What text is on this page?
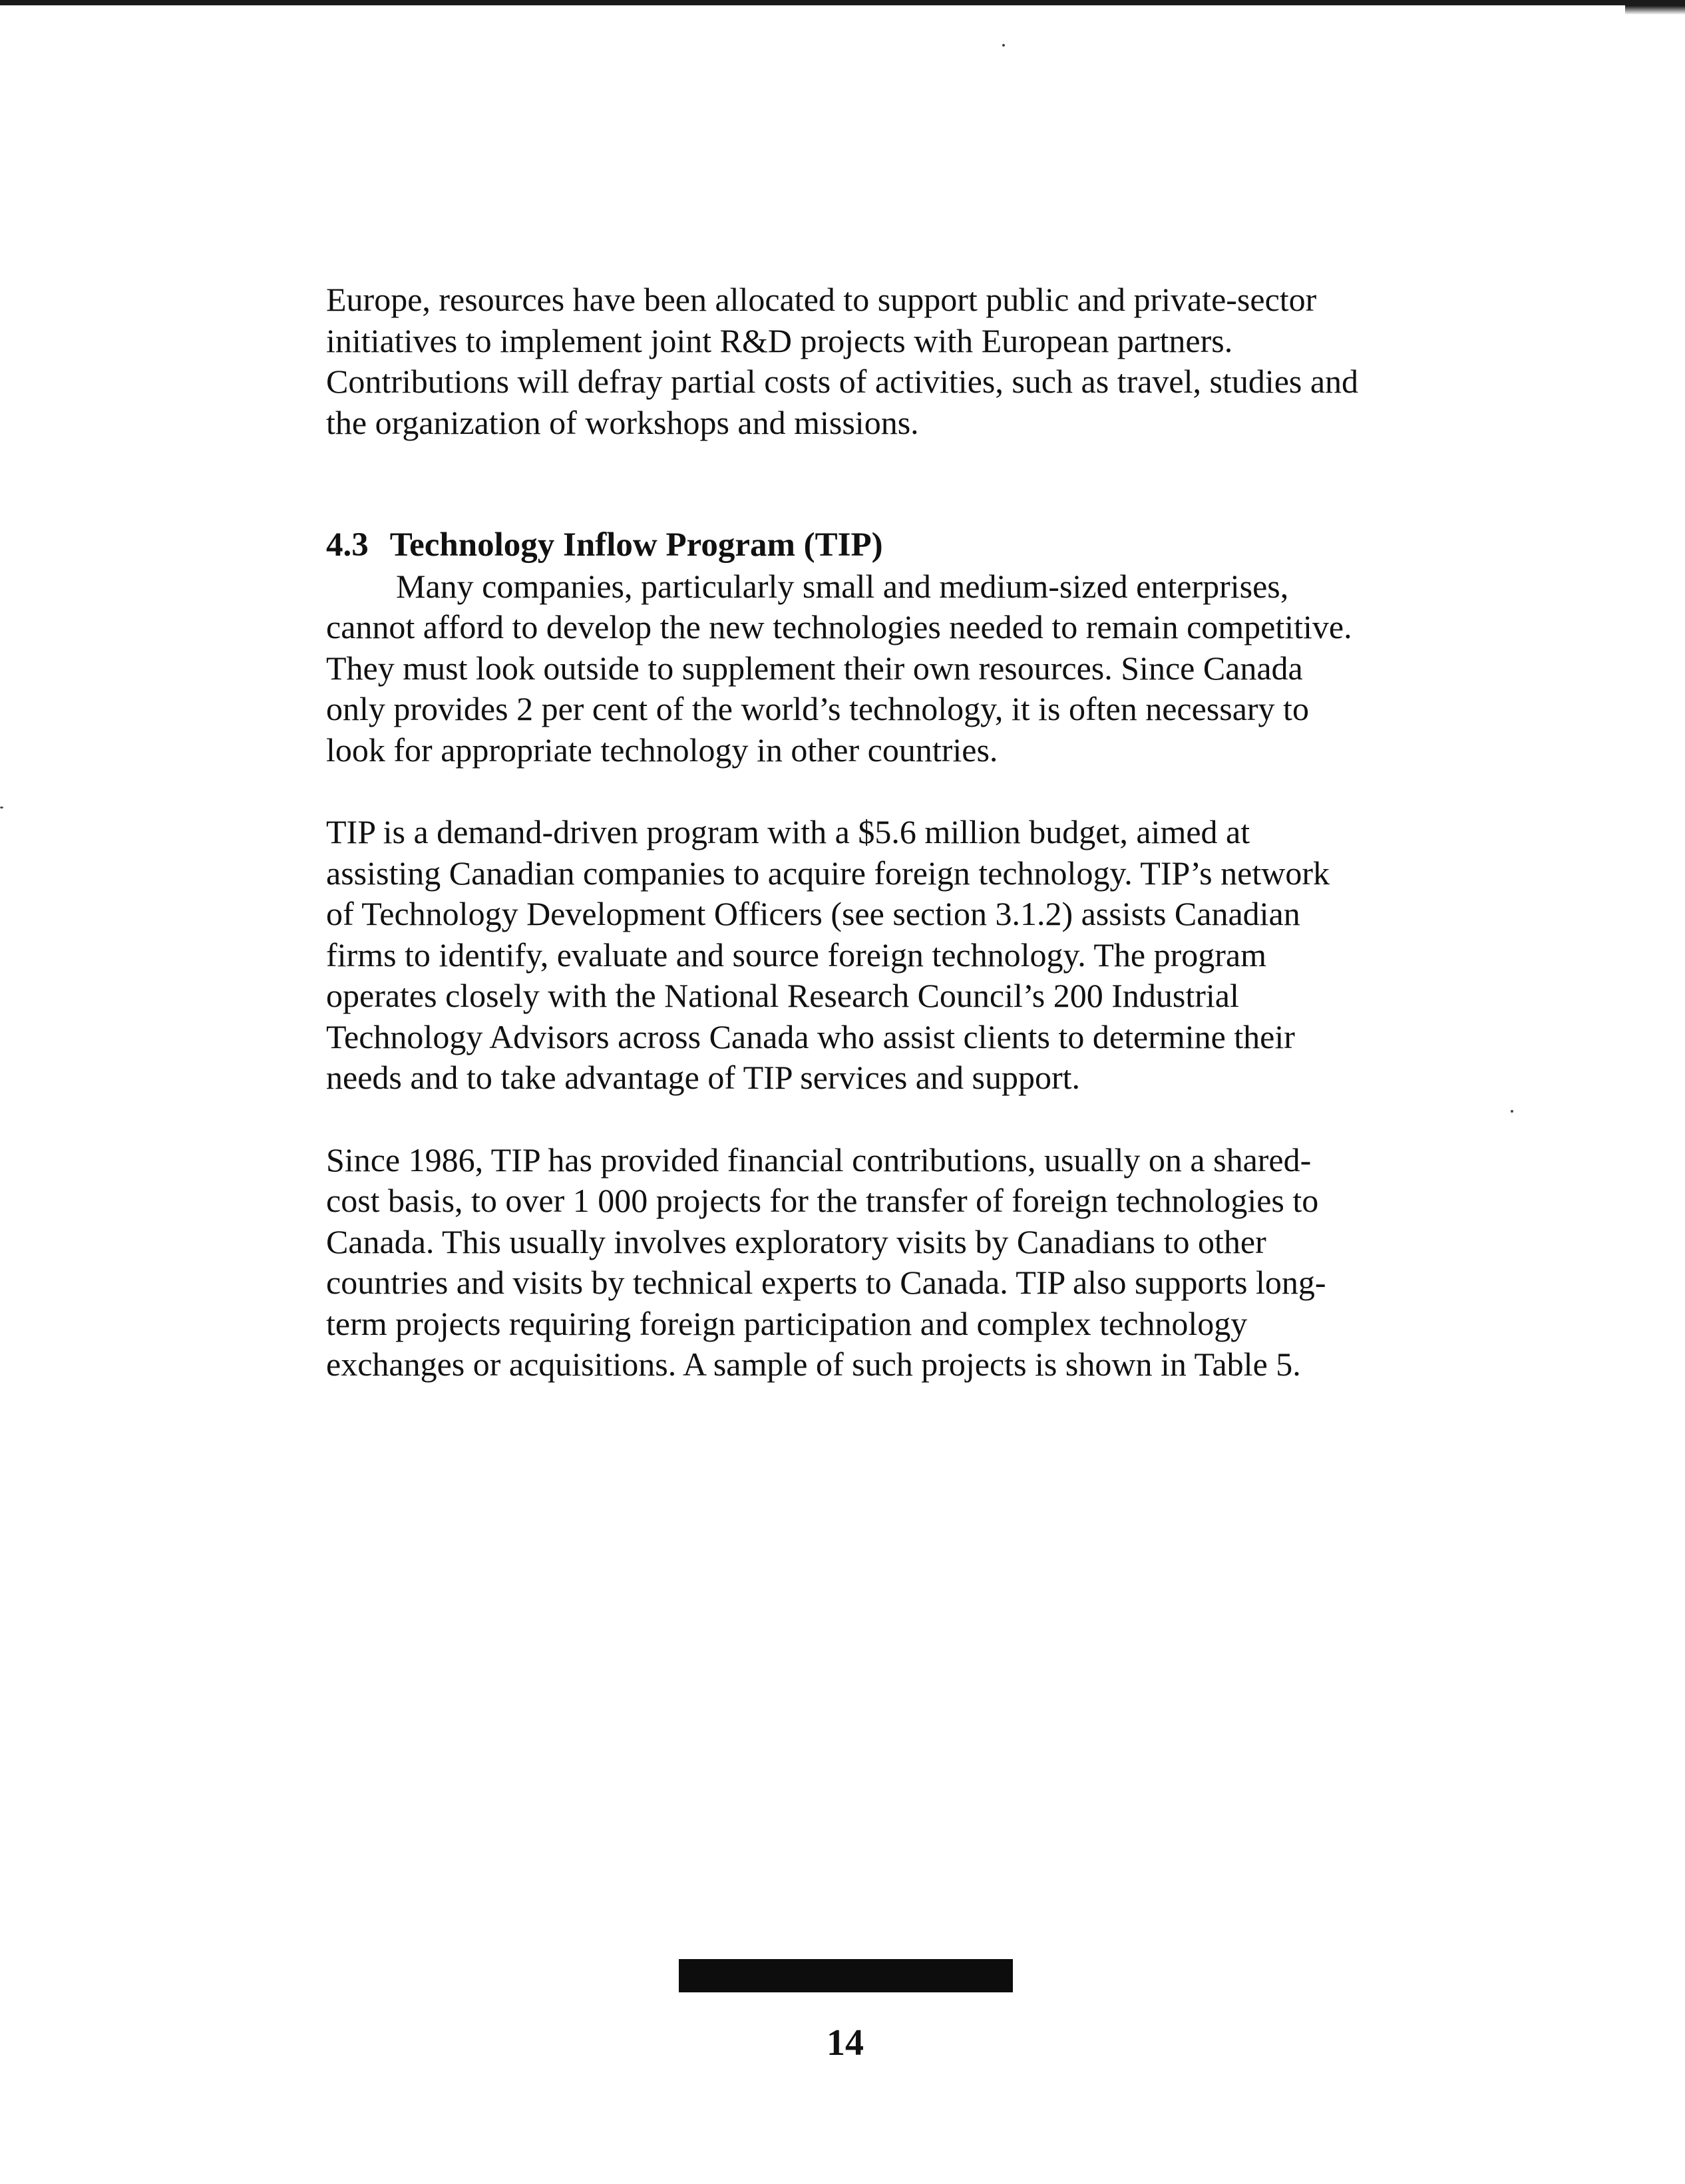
Europe, resources have been allocated to support public and private-sector initiatives to implement joint R&D projects with European partners. Contributions will defray partial costs of activities, such as travel, studies and the organization of workshops and missions.

4.3 Technology Inflow Program (TIP)

Many companies, particularly small and medium-sized enterprises, cannot afford to develop the new technologies needed to remain competitive. They must look outside to supplement their own resources. Since Canada only provides 2 per cent of the world’s technology, it is often necessary to look for appropriate technology in other countries.

TIP is a demand-driven program with a $5.6 million budget, aimed at assisting Canadian companies to acquire foreign technology. TIP’s network of Technology Development Officers (see section 3.1.2) assists Canadian firms to identify, evaluate and source foreign technology. The program operates closely with the National Research Council’s 200 Industrial Technology Advisors across Canada who assist clients to determine their needs and to take advantage of TIP services and support.

Since 1986, TIP has provided financial contributions, usually on a shared-cost basis, to over 1 000 projects for the transfer of foreign technologies to Canada. This usually involves exploratory visits by Canadians to other countries and visits by technical experts to Canada. TIP also supports long-term projects requiring foreign participation and complex technology exchanges or acquisitions. A sample of such projects is shown in Table 5.

14
